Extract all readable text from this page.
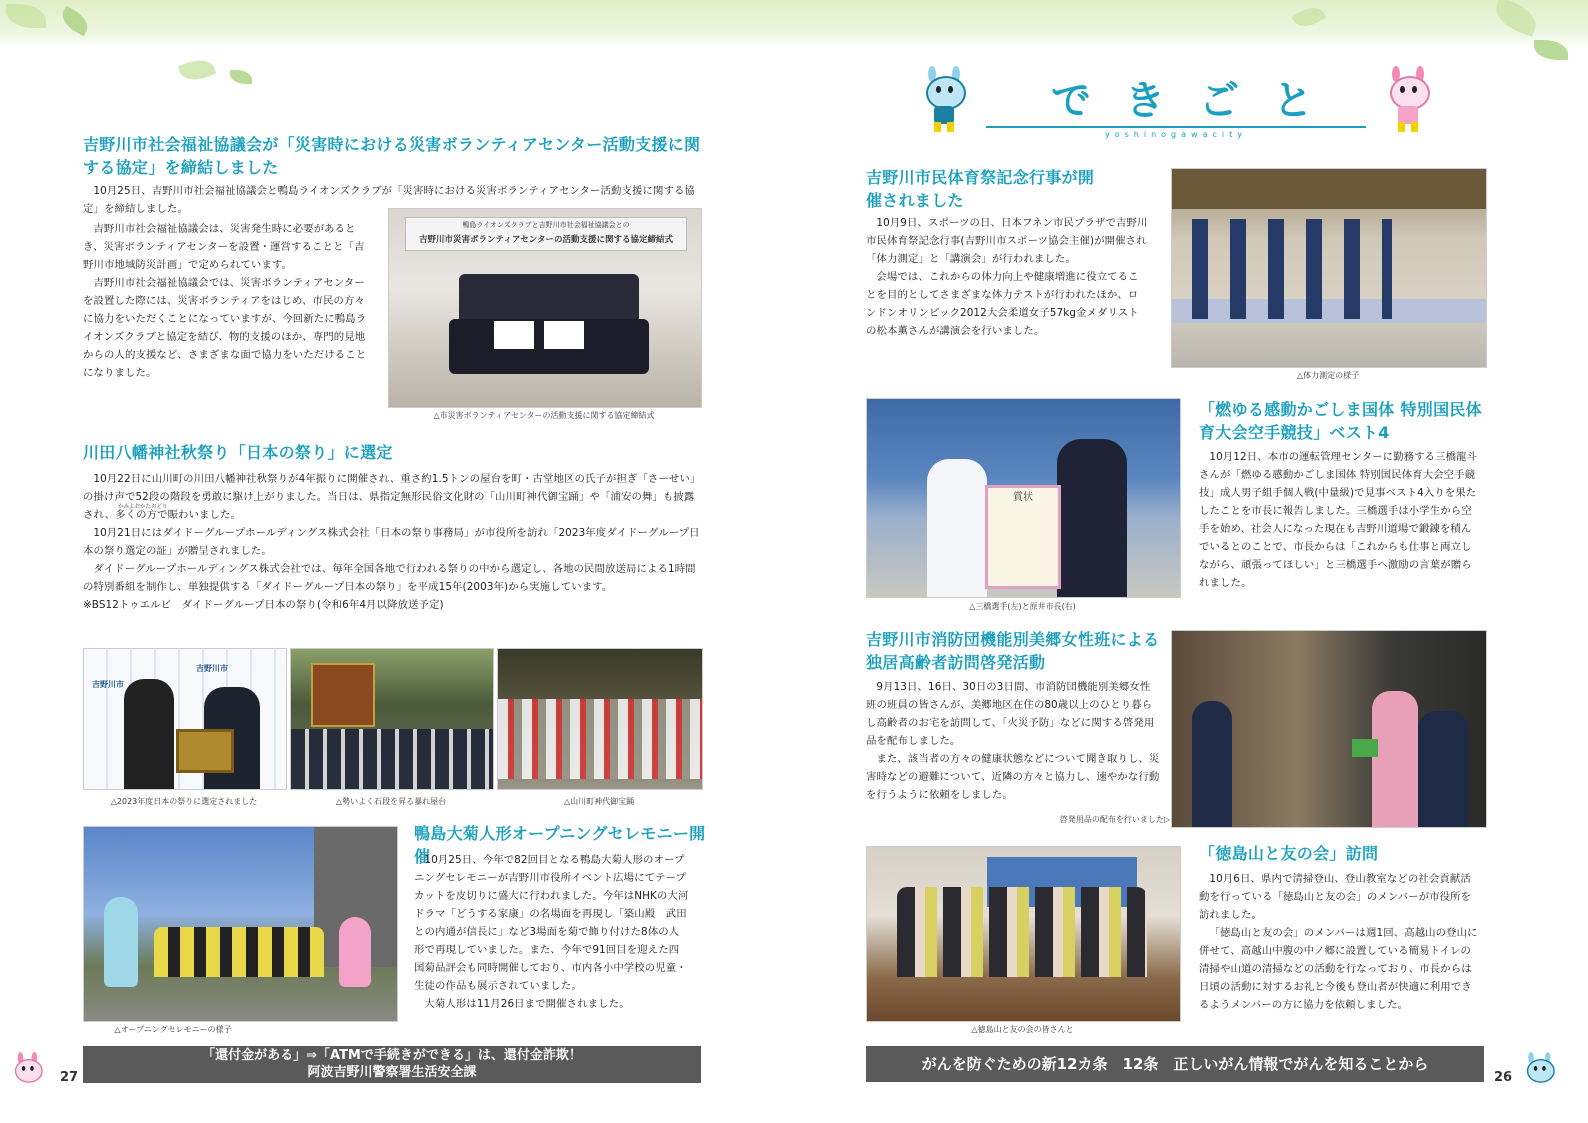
吉野川市社会福祉協議会が「災害時における災害ボランティアセンター活動支援に関する協定」を締結しました

10月25日、吉野川市社会福祉協議会と鴨島ライオンズクラブが「災害時における災害ボランティアセンター活動支援に関する協定」を締結しました。

吉野川市社会福祉協議会は、災害発生時に必要があるとき、災害ボランティアセンターを設置・運営することと「吉野川市地域防災計画」で定められています。

吉野川市社会福祉協議会では、災害ボランティアセンターを設置した際には、災害ボランティアをはじめ、市民の方々に協力をいただくことになっていますが、今回新たに鴨島ライオンズクラブと協定を結び、物的支援のほか、専門的見地からの人的支援など、さまざまな面で協力をいただけることになりました。

鴨島ライオンズクラブと吉野川市社会福祉協議会との
吉野川市災害ボランティアセンターの活動支援に関する協定締結式
△市災害ボランティアセンターの活動支援に関する協定締結式
川田八幡神社秋祭り「日本の祭り」に選定

10月22日に山川町の川田八幡神社秋祭りが4年振りに開催され、重さ約1.5トンの屋台を町・古堂地区の氏子が担ぎ「さーせい」の掛け声で52段の階段を勇敢に駆け上がりました。当日は、県指定無形民俗文化財の「山川町神代御宝踊」や「浦安の舞」も披露され、多くの方で賑わいました。

10月21日にはダイドーグループホールディングス株式会社「日本の祭り事務局」が市役所を訪れ「2023年度ダイドーグループ日本の祭り選定の証」が贈呈されました。

ダイドーグループホールディングス株式会社では、毎年全国各地で行われる祭りの中から選定し、各地の民間放送局による1時間の特別番組を制作し、単独提供する「ダイドーグループ日本の祭り」を平成15年(2003年)から実施しています。

※BS12トゥエルビ　ダイドーグループ日本の祭り(令和6年4月以降放送予定)
かみよおかたおどり
吉野川市
吉野川市
△2023年度日本の祭りに選定されました	△勢いよく石段を昇る暴れ屋台	△山川町神代御宝踊
△オープニングセレモニーの様子
鴨島大菊人形オープニングセレモニー開催

10月25日、今年で82回目となる鴨島大菊人形のオープニングセレモニーが吉野川市役所イベント広場にてテープカットを皮切りに盛大に行われました。今年はNHKの大河ドラマ「どうする家康」の名場面を再現し「築山殿　武田との内通が信長に」など3場面を菊で飾り付けた8体の人形で再現していました。また、今年で91回目を迎えた四国菊品評会も同時開催しており、市内各小中学校の児童・生徒の作品も展示されていました。

大菊人形は11月26日まで開催されました。

27
「還付金がある」⇒「ATMで手続きができる」は、還付金詐欺！
阿波吉野川警察署生活安全課
できごと
yoshinogawacity
吉野川市民体育祭記念行事が開催されました

10月9日、スポーツの日、日本フネン市民プラザで吉野川市民体育祭記念行事(吉野川市スポーツ協会主催)が開催され「体力測定」と「講演会」が行われました。

会場では、これからの体力向上や健康増進に役立てることを目的としてさまざまな体力テストが行われたほか、ロンドンオリンピック2012大会柔道女子57kg金メダリストの松本薫さんが講演会を行いました。

△体力測定の様子
賞状
△三橋選手(左)と原井市長(右)
「燃ゆる感動かごしま国体 特別国民体育大会空手競技」ベスト4

10月12日、本市の運転管理センターに勤務する三橋龍斗さんが「燃ゆる感動かごしま国体 特別国民体育大会空手競技」成人男子組手個人戦(中量級)で見事ベスト4入りを果たしたことを市長に報告しました。三橋選手は小学生から空手を始め、社会人になった現在も吉野川道場で鍛錬を積んでいるとのことで、市長からは「これからも仕事と両立しながら、頑張ってほしい」と三橋選手へ激励の言葉が贈られました。

吉野川市消防団機能別美郷女性班による独居高齢者訪問啓発活動

9月13日、16日、30日の3日間、市消防団機能別美郷女性班の班員の皆さんが、美郷地区在住の80歳以上のひとり暮らし高齢者のお宅を訪問して、「火災予防」などに関する啓発用品を配布しました。

また、該当者の方々の健康状態などについて聞き取りし、災害時などの避難について、近隣の方々と協力し、速やかな行動を行うように依頼をしました。

啓発用品の配布を行いました▷
△徳島山と友の会の皆さんと
「徳島山と友の会」訪問

10月6日、県内で清掃登山、登山教室などの社会貢献活動を行っている「徳島山と友の会」のメンバーが市役所を訪れました。

「徳島山と友の会」のメンバーは週1回、高越山の登山に併せて、高越山中腹の中ノ郷に設置している簡易トイレの清掃や山道の清掃などの活動を行なっており、市長からは日頃の活動に対するお礼と今後も登山者が快適に利用できるようメンバーの方に協力を依頼しました。

がんを防ぐための新12カ条　12条　正しいがん情報でがんを知ることから
26
